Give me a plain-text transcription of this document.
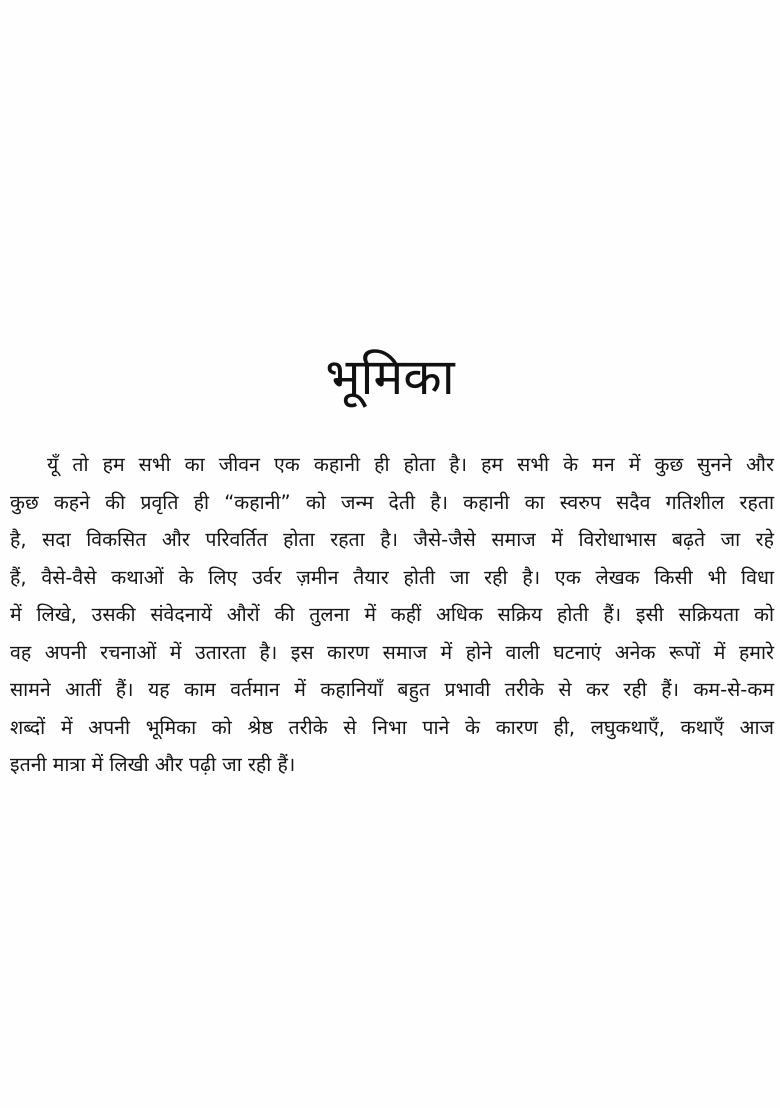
भूमिका

यूँ तो हम सभी का जीवन एक कहानी ही होता है। हम सभी के मन में कुछ सुनने और
कुछ कहने की प्रवृति ही “कहानी” को जन्म देती है। कहानी का स्वरुप सदैव गतिशील रहता
है, सदा विकसित और परिवर्तित होता रहता है। जैसे-जैसे समाज में विरोधाभास बढ़ते जा रहे
हैं, वैसे-वैसे कथाओं के लिए उर्वर ज़मीन तैयार होती जा रही है। एक लेखक किसी भी विधा
में लिखे, उसकी संवेदनायें औरों की तुलना में कहीं अधिक सक्रिय होती हैं। इसी सक्रियता को
वह अपनी रचनाओं में उतारता है। इस कारण समाज में होने वाली घटनाएं अनेक रूपों में हमारे
सामने आतीं हैं। यह काम वर्तमान में कहानियाँ बहुत प्रभावी तरीके से कर रही हैं। कम-से-कम
शब्दों में अपनी भूमिका को श्रेष्ठ तरीके से निभा पाने के कारण ही, लघुकथाएँ, कथाएँ आज
इतनी मात्रा में लिखी और पढ़ी जा रही हैं।
